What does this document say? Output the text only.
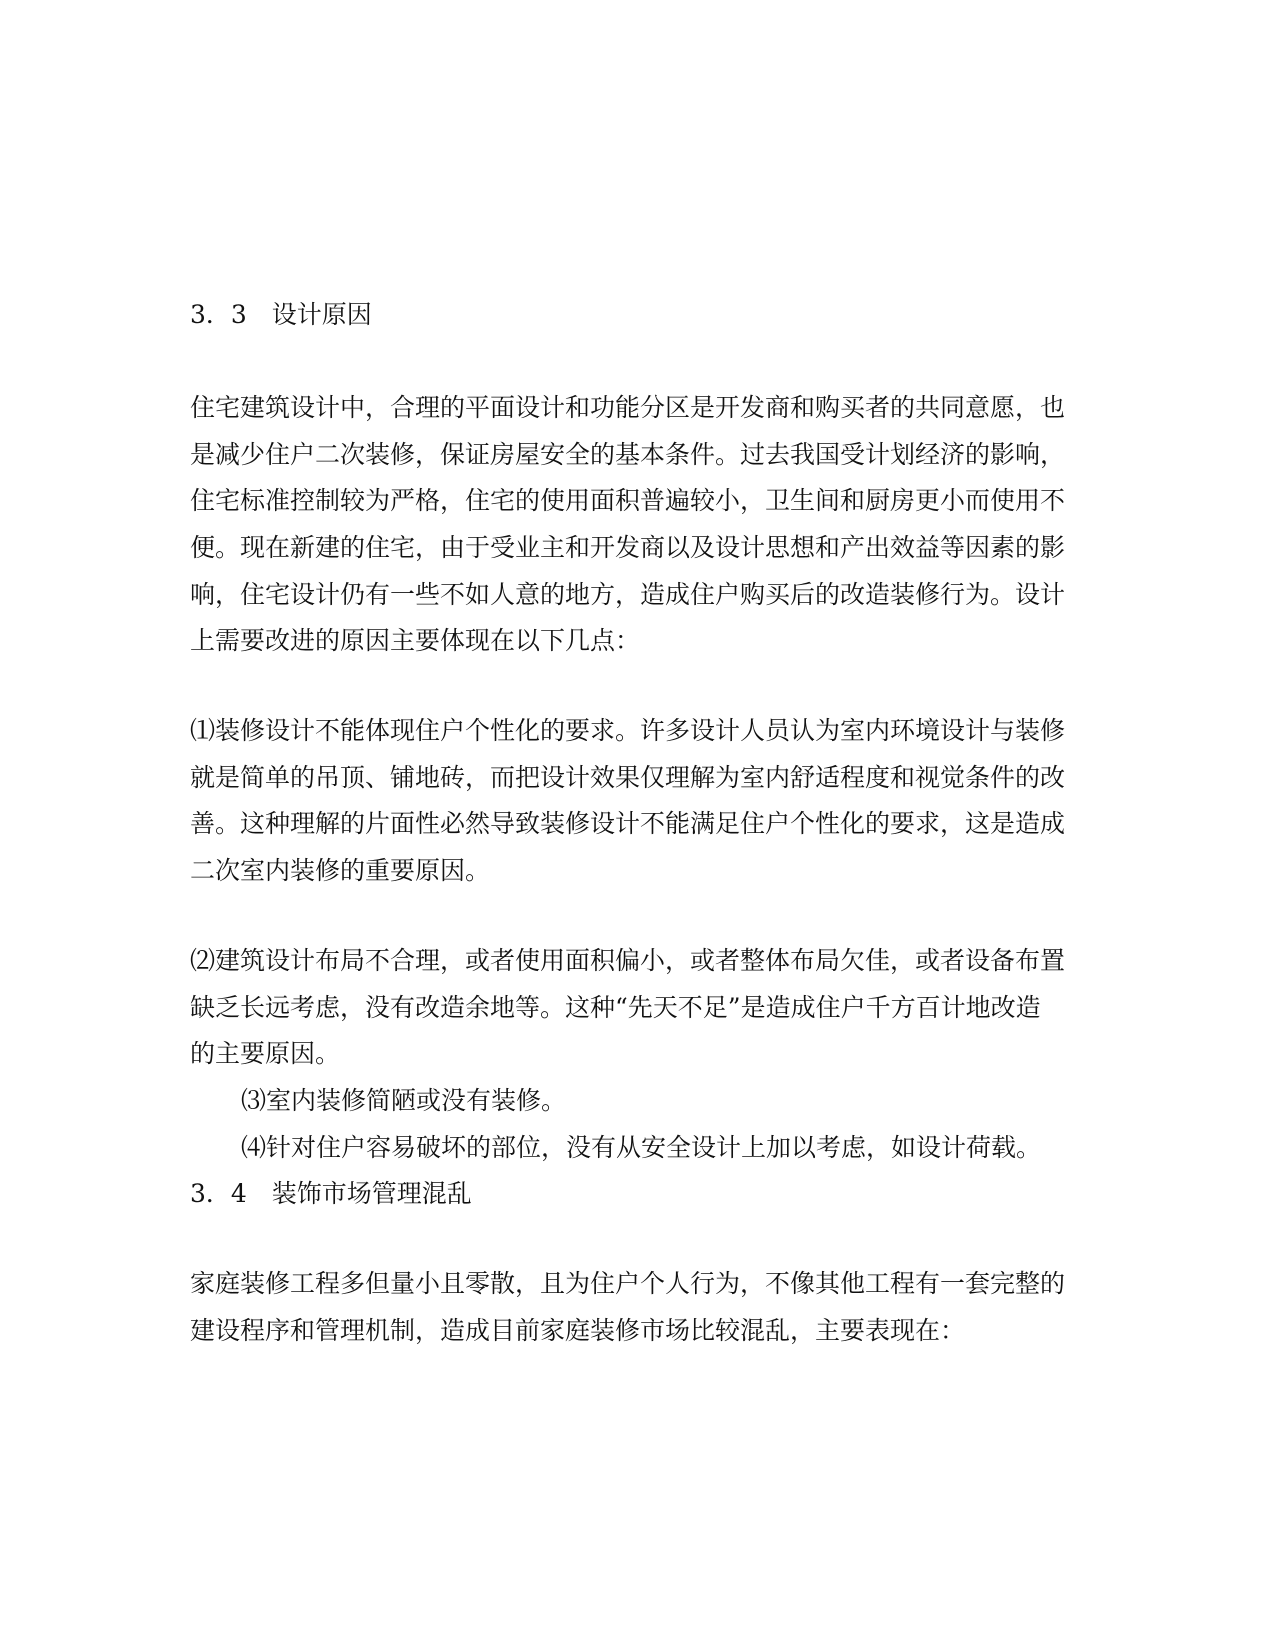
3．3　设计原因
住宅建筑设计中，合理的平面设计和功能分区是开发商和购买者的共同意愿，也
是减少住户二次装修，保证房屋安全的基本条件。过去我国受计划经济的影响，
住宅标准控制较为严格，住宅的使用面积普遍较小，卫生间和厨房更小而使用不
便。现在新建的住宅，由于受业主和开发商以及设计思想和产出效益等因素的影
响，住宅设计仍有一些不如人意的地方，造成住户购买后的改造装修行为。设计
上需要改进的原因主要体现在以下几点：
⑴装修设计不能体现住户个性化的要求。许多设计人员认为室内环境设计与装修
就是简单的吊顶、铺地砖，而把设计效果仅理解为室内舒适程度和视觉条件的改
善。这种理解的片面性必然导致装修设计不能满足住户个性化的要求，这是造成
二次室内装修的重要原因。
⑵建筑设计布局不合理，或者使用面积偏小，或者整体布局欠佳，或者设备布置
缺乏长远考虑，没有改造余地等。这种“先天不足”是造成住户千方百计地改造
的主要原因。
⑶室内装修简陋或没有装修。
⑷针对住户容易破坏的部位，没有从安全设计上加以考虑，如设计荷载。
3．4　装饰市场管理混乱
家庭装修工程多但量小且零散，且为住户个人行为，不像其他工程有一套完整的
建设程序和管理机制，造成目前家庭装修市场比较混乱，主要表现在：
